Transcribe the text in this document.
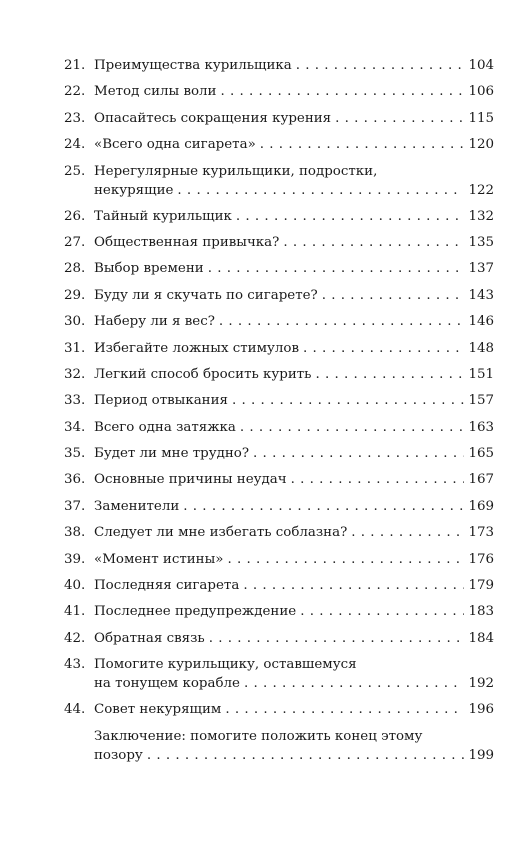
21. Преимущества курильщика . . .	104
22. Метод силы воли . . .	106
23. Опасайтесь сокращения курения . . .	115
24. «Всего одна сигарета» . . .	120
25. Нерегулярные курильщики, подростки,
некурящие . . .	122
26. Тайный курильщик . . .	132
27. Общественная привычка? . . .	135
28. Выбор времени . . .	137
29. Буду ли я скучать по сигарете? . . .	143
30. Наберу ли я вес? . . .	146
31. Избегайте ложных стимулов . . .	148
32. Легкий способ бросить курить . . .	151
33. Период отвыкания . . .	157
34. Всего одна затяжка . . .	163
35. Будет ли мне трудно? . . .	165
36. Основные причины неудач . . .	167
37. Заменители . . .	169
38. Следует ли мне избегать соблазна? . . .	173
39. «Момент истины» . . .	176
40. Последняя сигарета . . .	179
41. Последнее предупреждение . . .	183
42. Обратная связь . . .	184
43. Помогите курильщику, оставшемуся
на тонущем корабле . . .	192
44. Совет некурящим . . .	196
Заключение: помогите положить конец этому
позору . . .	199
